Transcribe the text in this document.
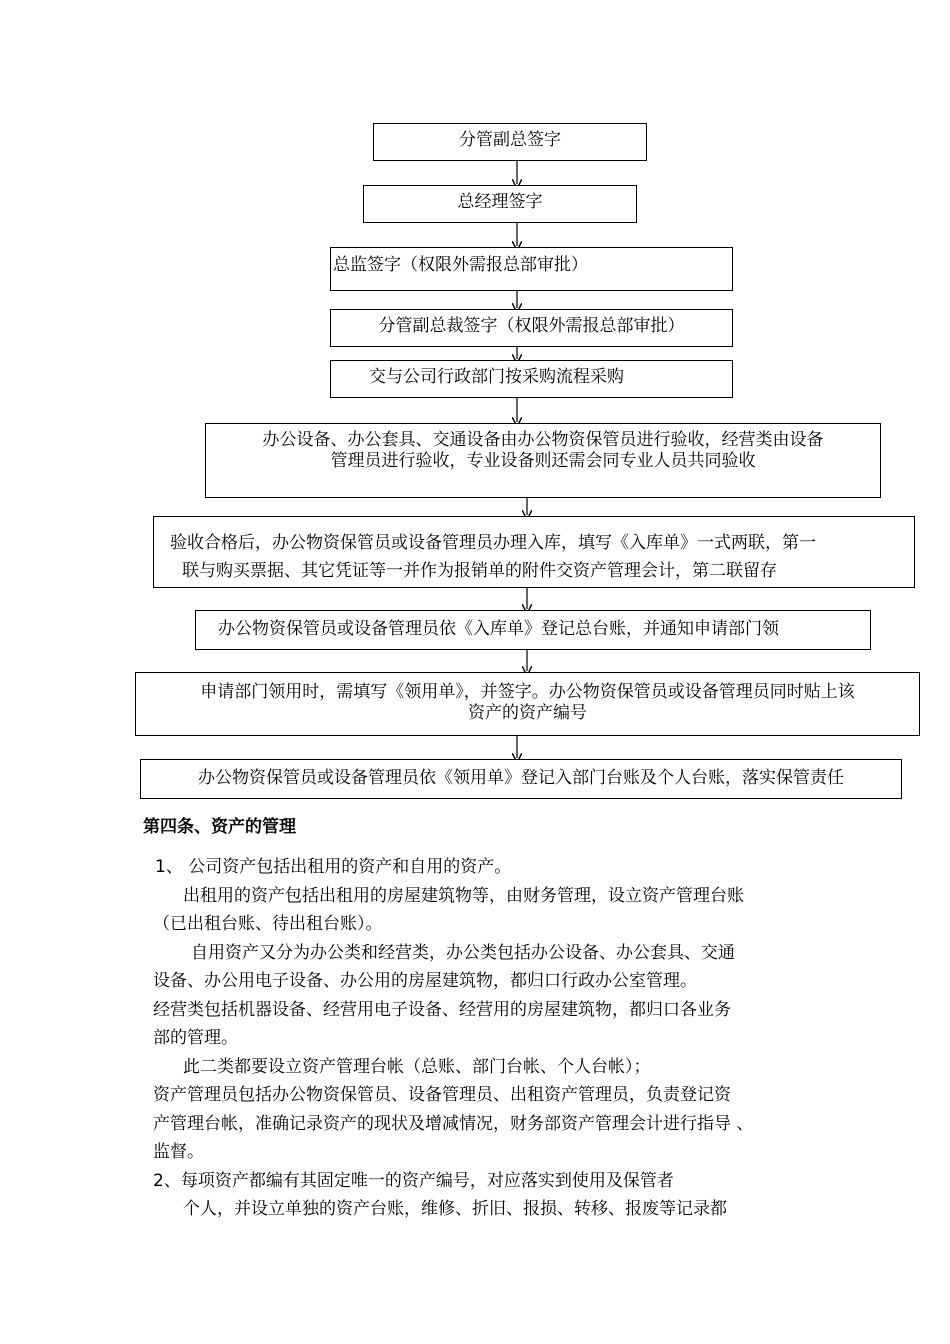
分管副总签字
总经理签字
总监签字（权限外需报总部审批）
分管副总裁签字（权限外需报总部审批）
交与公司行政部门按采购流程采购
办公设备、办公套具、交通设备由办公物资保管员进行验收，经营类由设备
管理员进行验收，专业设备则还需会同专业人员共同验收
验收合格后，办公物资保管员或设备管理员办理入库，填写《入库单》一式两联，第一
联与购买票据、其它凭证等一并作为报销单的附件交资产管理会计，第二联留存
办公物资保管员或设备管理员依《入库单》登记总台账，并通知申请部门领
申请部门领用时，需填写《领用单》，并签字。办公物资保管员或设备管理员同时贴上该
资产的资产编号
办公物资保管员或设备管理员依《领用单》登记入部门台账及个人台账，落实保管责任
第四条、资产的管理
1、 公司资产包括出租用的资产和自用的资产。
出租用的资产包括出租用的房屋建筑物等，由财务管理，设立资产管理台账
（已出租台账、待出租台账）。
自用资产又分为办公类和经营类，办公类包括办公设备、办公套具、交通
设备、办公用电子设备、办公用的房屋建筑物，都归口行政办公室管理。
经营类包括机器设备、经营用电子设备、经营用的房屋建筑物，都归口各业务
部的管理。
此二类都要设立资产管理台帐（总账、部门台帐、个人台帐）；
资产管理员包括办公物资保管员、设备管理员、出租资产管理员，负责登记资
产管理台帐，准确记录资产的现状及增减情况，财务部资产管理会计进行指导 、
监督。
2、每项资产都编有其固定唯一的资产编号，对应落实到使用及保管者
个人，并设立单独的资产台账，维修、折旧、报损、转移、报废等记录都
